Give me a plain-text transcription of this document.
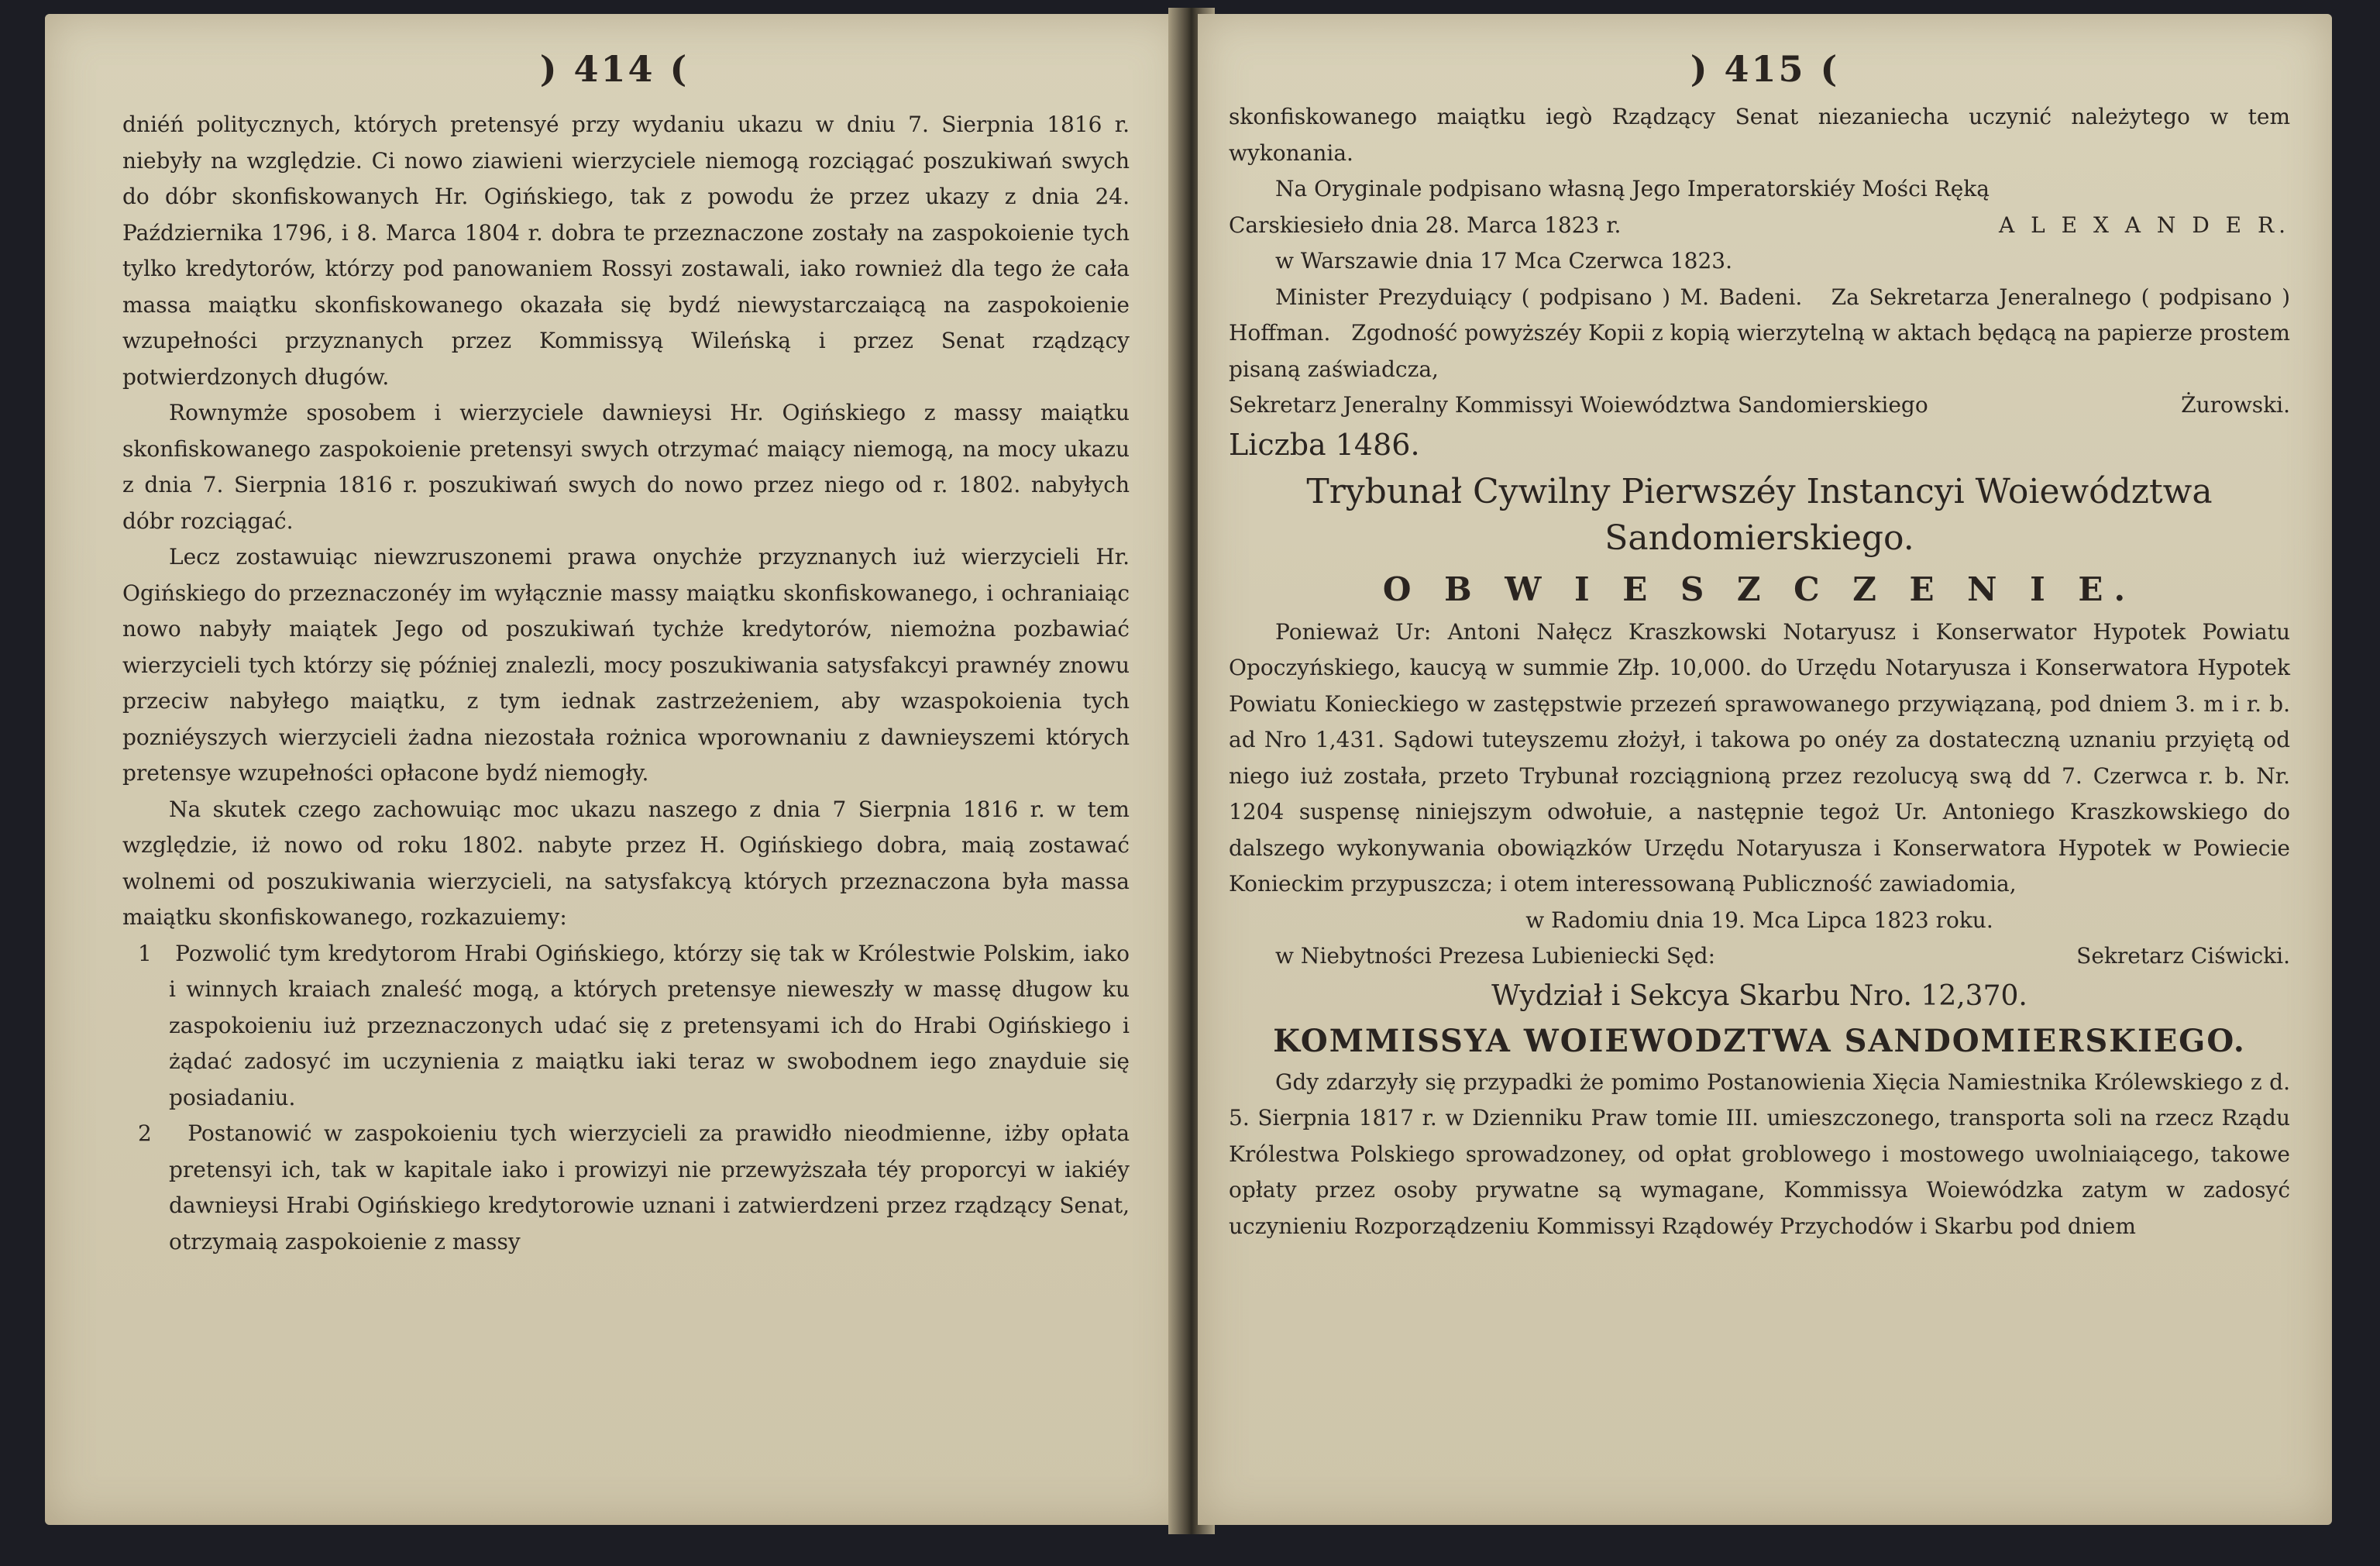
) 414 (

dniéń politycznych, których pretensyé przy wydaniu ukazu w dniu 7. Sierpnia 1816 r. niebyły na względzie. Ci nowo ziawieni wierzyciele niemogą rozciągać poszukiwań swych do dóbr skonfiskowanych Hr. Ogińskiego, tak z powodu że przez ukazy z dnia 24. Października 1796, i 8. Marca 1804 r. dobra te przeznaczone zostały na zaspokoienie tych tylko kredytorów, którzy pod panowaniem Rossyi zostawali, iako rownież dla tego że cała massa maiątku skonfiskowanego okazała się bydź niewystarczaiącą na zaspokoienie wzupełności przyznanych przez Kommissyą Wileńską i przez Senat rządzący potwierdzonych długów.

Rownymże sposobem i wierzyciele dawnieysi Hr. Ogińskiego z massy maiątku skonfiskowanego zaspokoienie pretensyi swych otrzymać maiący niemogą, na mocy ukazu z dnia 7. Sierpnia 1816 r. poszukiwań swych do nowo przez niego od r. 1802. nabyłych dóbr rozciągać.

Lecz zostawuiąc niewzruszonemi prawa onychże przyznanych iuż wierzycieli Hr. Ogińskiego do przeznaczonéy im wyłącznie massy maiątku skonfiskowanego, i ochraniaiąc nowo nabyły maiątek Jego od poszukiwań tychże kredytorów, niemożna pozbawiać wierzycieli tych którzy się później znalezli, mocy poszukiwania satysfakcyi prawnéy znowu przeciw nabyłego maiątku, z tym iednak zastrzeżeniem, aby wzaspokoienia tych pozniéyszych wierzycieli żadna niezostała rożnica wporownaniu z dawnieyszemi których pretensye wzupełności opłacone bydź niemogły.

Na skutek czego zachowuiąc moc ukazu naszego z dnia 7 Sierpnia 1816 r. w tem względzie, iż nowo od roku 1802. nabyte przez H. Ogińskiego dobra, maią zostawać wolnemi od poszukiwania wierzycieli, na satysfakcyą których przeznaczona była massa maiątku skonfiskowanego, rozkazuiemy:

1 Pozwolić tym kredytorom Hrabi Ogińskiego, którzy się tak w Królestwie Polskim, iako i winnych kraiach znaleść mogą, a których pretensye nieweszły w massę długow ku zaspokoieniu iuż przeznaczonych udać się z pretensyami ich do Hrabi Ogińskiego i żądać zadosyć im uczynienia z maiątku iaki teraz w swobodnem iego znayduie się posiadaniu.

2 Postanowić w zaspokoieniu tych wierzycieli za prawidło nieodmienne, iżby opłata pretensyi ich, tak w kapitale iako i prowizyi nie przewyższała téy proporcyi w iakiéy dawnieysi Hrabi Ogińskiego kredytorowie uznani i zatwierdzeni przez rządzący Senat, otrzymaią zaspokoienie z massy

) 415 (

skonfiskowanego maiątku iegò Rządzący Senat niezaniecha uczynić należytego w tem wykonania.

Na Oryginale podpisano własną Jego Imperatorskiéy Mości Ręką

Carskiesieło dnia 28. Marca 1823 r.	A L E X A N D E R.

w Warszawie dnia 17 Mca Czerwca 1823.

Minister Prezyduiący ( podpisano ) M. Badeni. Za Sekretarza Jeneralnego ( podpisano ) Hoffman. Zgodność powyższéy Kopii z kopią wierzytelną w aktach będącą na papierze prostem pisaną zaświadcza,

Sekretarz Jeneralny Kommissyi Woiewództwa Sandomierskiego	Żurowski.

Liczba 1486.

Trybunał Cywilny Pierwszéy Instancyi Woiewództwa Sandomierskiego.

O B W I E S Z C Z E N I E.

Ponieważ Ur: Antoni Nałęcz Kraszkowski Notaryusz i Konserwator Hypotek Powiatu Opoczyńskiego, kaucyą w summie Złp. 10,000. do Urzędu Notaryusza i Konserwatora Hypotek Powiatu Konieckiego w zastępstwie przezeń sprawowanego przywiązaną, pod dniem 3. m i r. b. ad Nro 1,431. Sądowi tuteyszemu złożył, i takowa po onéy za dostateczną uznaniu przyiętą od niego iuż została, przeto Trybunał rozciągnioną przez rezolucyą swą dd 7. Czerwca r. b. Nr. 1204 suspensę niniejszym odwołuie, a następnie tegoż Ur. Antoniego Kraszkowskiego do dalszego wykonywania obowiązków Urzędu Notaryusza i Konserwatora Hypotek w Powiecie Konieckim przypuszcza; i otem interessowaną Publiczność zawiadomia,

w Radomiu dnia 19. Mca Lipca 1823 roku.

w Niebytności Prezesa Lubieniecki Sęd:	Sekretarz Ciświcki.

Wydział i Sekcya Skarbu Nro. 12,370.

KOMMISSYA WOIEWODZTWA SANDOMIERSKIEGO.

Gdy zdarzyły się przypadki że pomimo Postanowienia Xięcia Namiestnika Królewskiego z d. 5. Sierpnia 1817 r. w Dzienniku Praw tomie III. umieszczonego, transporta soli na rzecz Rządu Królestwa Polskiego sprowadzoney, od opłat groblowego i mostowego uwolniaiącego, takowe opłaty przez osoby prywatne są wymagane, Kommissya Woiewódzka zatym w zadosyć uczynieniu Rozporządzeniu Kommissyi Rządowéy Przychodów i Skarbu pod dniem
